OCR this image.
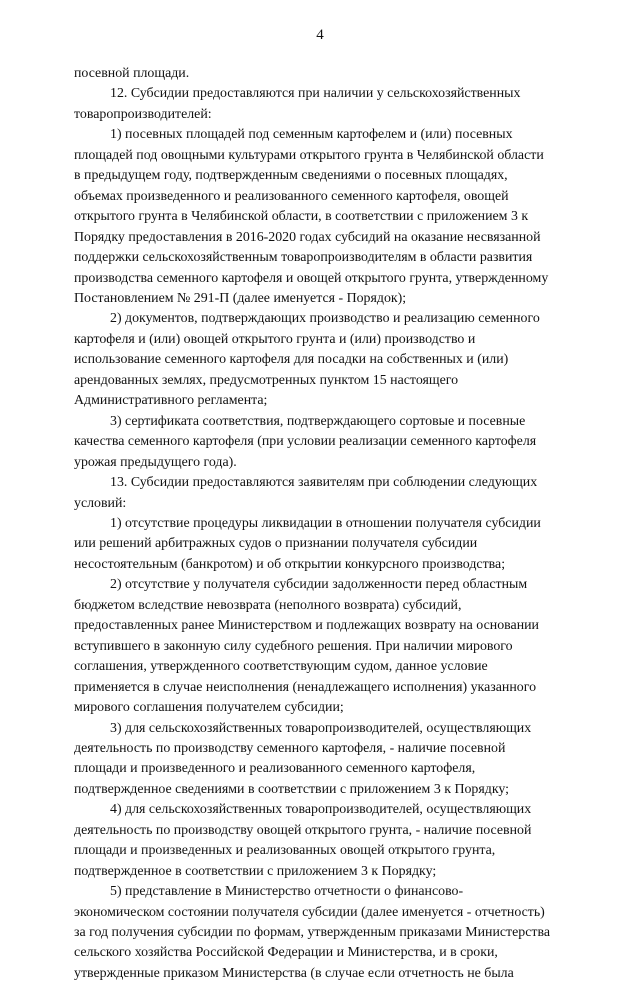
4

посевной площади.

12. Субсидии предоставляются при наличии у сельскохозяйственных
товаропроизводителей:

1) посевных площадей под семенным картофелем и (или) посевных
площадей под овощными культурами открытого грунта в Челябинской области
в предыдущем году, подтвержденным сведениями о посевных площадях,
объемах произведенного и реализованного семенного картофеля, овощей
открытого грунта в Челябинской области, в соответствии с приложением 3 к
Порядку предоставления в 2016-2020 годах субсидий на оказание несвязанной
поддержки сельскохозяйственным товаропроизводителям в области развития
производства семенного картофеля и овощей открытого грунта, утвержденному
Постановлением № 291-П (далее именуется - Порядок);

2) документов, подтверждающих производство и реализацию семенного
картофеля и (или) овощей открытого грунта и (или) производство и
использование семенного картофеля для посадки на собственных и (или)
арендованных землях, предусмотренных пунктом 15 настоящего
Административного регламента;

3) сертификата соответствия, подтверждающего сортовые и посевные
качества семенного картофеля (при условии реализации семенного картофеля
урожая предыдущего года).

13. Субсидии предоставляются заявителям при соблюдении следующих
условий:

1) отсутствие процедуры ликвидации в отношении получателя субсидии
или решений арбитражных судов о признании получателя субсидии
несостоятельным (банкротом) и об открытии конкурсного производства;

2) отсутствие у получателя субсидии задолженности перед областным
бюджетом вследствие невозврата (неполного возврата) субсидий,
предоставленных ранее Министерством и подлежащих возврату на основании
вступившего в законную силу судебного решения. При наличии мирового
соглашения, утвержденного соответствующим судом, данное условие
применяется в случае неисполнения (ненадлежащего исполнения) указанного
мирового соглашения получателем субсидии;

3) для сельскохозяйственных товаропроизводителей, осуществляющих
деятельность по производству семенного картофеля, - наличие посевной
площади и произведенного и реализованного семенного картофеля,
подтвержденное сведениями в соответствии с приложением 3 к Порядку;

4) для сельскохозяйственных товаропроизводителей, осуществляющих
деятельность по производству овощей открытого грунта, - наличие посевной
площади и произведенных и реализованных овощей открытого грунта,
подтвержденное в соответствии с приложением 3 к Порядку;

5) представление в Министерство отчетности о финансово-
экономическом состоянии получателя субсидии (далее именуется - отчетность)
за год получения субсидии по формам, утвержденным приказами Министерства
сельского хозяйства Российской Федерации и Министерства, и в сроки,
утвержденные приказом Министерства (в случае если отчетность не была
